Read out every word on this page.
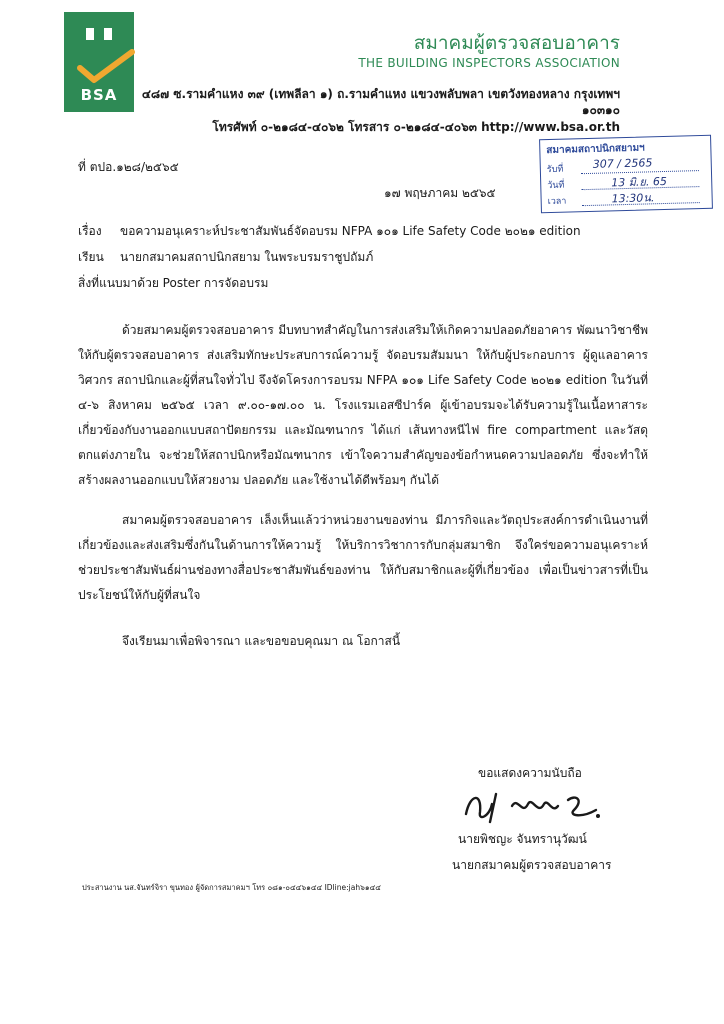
BSA
สมาคมผู้ตรวจสอบอาคาร
THE BUILDING INSPECTORS ASSOCIATION
๔๘๗ ซ.รามคำแหง ๓๙ (เทพลีลา ๑) ถ.รามคำแหง แขวงพลับพลา เขตวังทองหลาง กรุงเทพฯ
๑๐๓๑๐
โทรศัพท์ ๐-๒๑๘๔-๔๐๖๒ โทรสาร ๐-๒๑๘๔-๔๐๖๓ http://www.bsa.or.th
สมาคมสถาปนิกสยามฯ
รับที่	307 / 2565
วันที่	13 มิ.ย. 65
เวลา	13:30น.
ที่ ตปอ.๑๒๘/๒๕๖๕
๑๗ พฤษภาคม ๒๕๖๕
เรื่อง ขอความอนุเคราะห์ประชาสัมพันธ์จัดอบรม NFPA ๑๐๑ Life Safety Code ๒๐๒๑ edition
เรียน นายกสมาคมสถาปนิกสยาม ในพระบรมราชูปถัมภ์
สิ่งที่แนบมาด้วย Poster การจัดอบรม

ด้วยสมาคมผู้ตรวจสอบอาคาร มีบทบาทสำคัญในการส่งเสริมให้เกิดความปลอดภัยอาคาร พัฒนาวิชาชีพให้กับผู้ตรวจสอบอาคาร ส่งเสริมทักษะประสบการณ์ความรู้ จัดอบรมสัมมนา ให้กับผู้ประกอบการ ผู้ดูแลอาคาร วิศวกร สถาปนิกและผู้ที่สนใจทั่วไป จึงจัดโครงการอบรม NFPA ๑๐๑ Life Safety Code ๒๐๒๑ edition ในวันที่ ๔-๖ สิงหาคม ๒๕๖๕ เวลา ๙.๐๐-๑๗.๐๐ น. โรงแรมเอสซีปาร์ค ผู้เข้าอบรมจะได้รับความรู้ในเนื้อหาสาระเกี่ยวข้องกับงานออกแบบสถาปัตยกรรม และมัณฑนากร ได้แก่ เส้นทางหนีไฟ fire compartment และวัสดุตกแต่งภายใน จะช่วยให้สถาปนิกหรือมัณฑนากร เข้าใจความสำคัญของข้อกำหนดความปลอดภัย ซึ่งจะทำให้สร้างผลงานออกแบบให้สวยงาม ปลอดภัย และใช้งานได้ดีพร้อมๆ กันได้

สมาคมผู้ตรวจสอบอาคาร เล็งเห็นแล้วว่าหน่วยงานของท่าน มีภารกิจและวัตถุประสงค์การดำเนินงานที่เกี่ยวข้องและส่งเสริมซึ่งกันในด้านการให้ความรู้ ให้บริการวิชาการกับกลุ่มสมาชิก จึงใคร่ขอความอนุเคราะห์ช่วยประชาสัมพันธ์ผ่านช่องทางสื่อประชาสัมพันธ์ของท่าน ให้กับสมาชิกและผู้ที่เกี่ยวข้อง เพื่อเป็นข่าวสารที่เป็นประโยชน์ให้กับผู้ที่สนใจ

จึงเรียนมาเพื่อพิจารณา และขอขอบคุณมา ณ โอกาสนี้
ขอแสดงความนับถือ
นายพิชญะ จันทรานุวัฒน์
นายกสมาคมผู้ตรวจสอบอาคาร
ประสานงาน นส.จันทร์จิรา ขุนทอง ผู้จัดการสมาคมฯ โทร ๐๘๑-๐๔๔๖๑๔๔ IDline:jah๖๑๔๔
